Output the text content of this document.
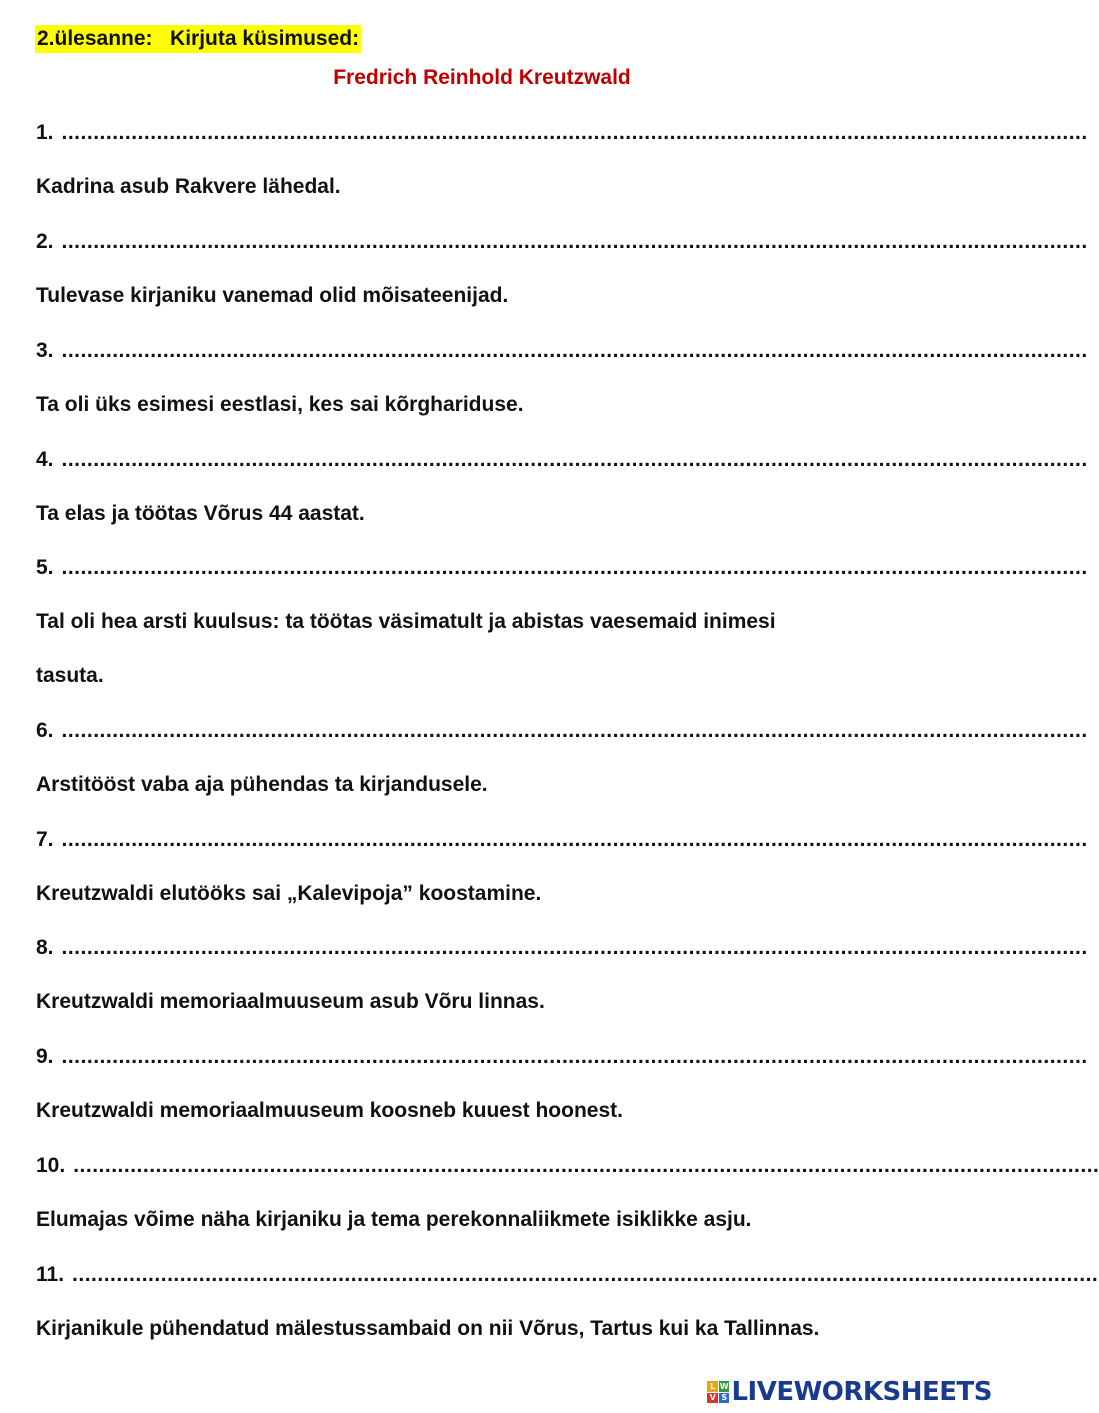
2.ülesanne:   Kirjuta küsimused:
Fredrich Reinhold Kreutzwald
1. ..................................................................................................................................................................
Kadrina asub Rakvere lähedal.
2. ..................................................................................................................................................................
Tulevase kirjaniku vanemad olid mõisateenijad.
3. ..................................................................................................................................................................
Ta oli üks esimesi eestlasi, kes sai kõrghariduse.
4. ..................................................................................................................................................................
Ta elas ja töötas Võrus 44 aastat.
5. ..................................................................................................................................................................
Tal oli hea arsti kuulsus: ta töötas väsimatult ja abistas vaesemaid inimesi
tasuta.
6. ..................................................................................................................................................................
Arstitööst vaba aja pühendas ta kirjandusele.
7. ..................................................................................................................................................................
Kreutzwaldi elutööks sai „Kalevipoja” koostamine.
8. ..................................................................................................................................................................
Kreutzwaldi memoriaalmuuseum asub Võru linnas.
9. ..................................................................................................................................................................
Kreutzwaldi memoriaalmuuseum koosneb kuuest hoonest.
10. ..................................................................................................................................................................
Elumajas võime näha kirjaniku ja tema perekonnaliikmete isiklikke asju.
11. ..................................................................................................................................................................
Kirjanikule pühendatud mälestussambaid on nii Võrus, Tartus kui ka Tallinnas.
L W
V S LIVEWORKSHEETS
